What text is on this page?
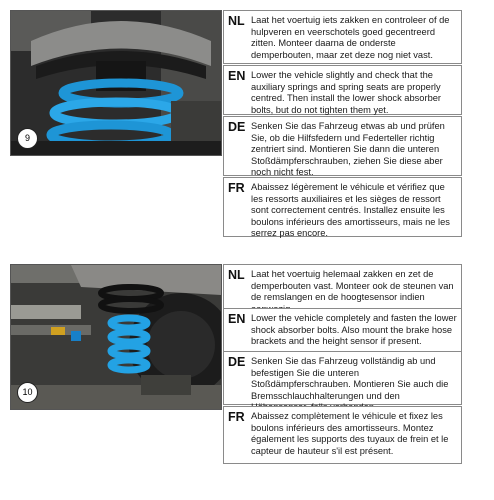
9
NL Laat het voertuig iets zakken en controleer of de hulpveren en veerschotels goed gecentreerd zitten. Monteer daarna de onderste demperbouten, maar zet deze nog niet vast.
EN Lower the vehicle slightly and check that the auxiliary springs and spring seats are properly centred. Then install the lower shock absorber bolts, but do not tighten them yet.
DE Senken Sie das Fahrzeug etwas ab und prüfen Sie, ob die Hilfsfedern und Federteller richtig zentriert sind. Montieren Sie dann die unteren Stoßdämpferschrauben, ziehen Sie diese aber noch nicht fest.
FR Abaissez légèrement le véhicule et vérifiez que les ressorts auxiliaires et les sièges de ressort sont correctement centrés. Installez ensuite les boulons inférieurs des amortisseurs, mais ne les serrez pas encore.
10
NL Laat het voertuig helemaal zakken en zet de demperbouten vast. Monteer ook de steunen van de remslangen en de hoogtesensor indien
EN Lower the vehicle completely and fasten the lower shock absorber bolts. Also mount the brake hose brackets and the height sensor if present.
DE Senken Sie das Fahrzeug vollständig ab und befestigen Sie die unteren Stoßdämpferschrauben. Montieren Sie auch die Bremsschlauchhalterungen und den
FR Abaissez complètement le véhicule et fixez les boulons inférieurs des amortisseurs. Montez également les supports des tuyaux de frein et le capteur de hauteur s'il est présent.
